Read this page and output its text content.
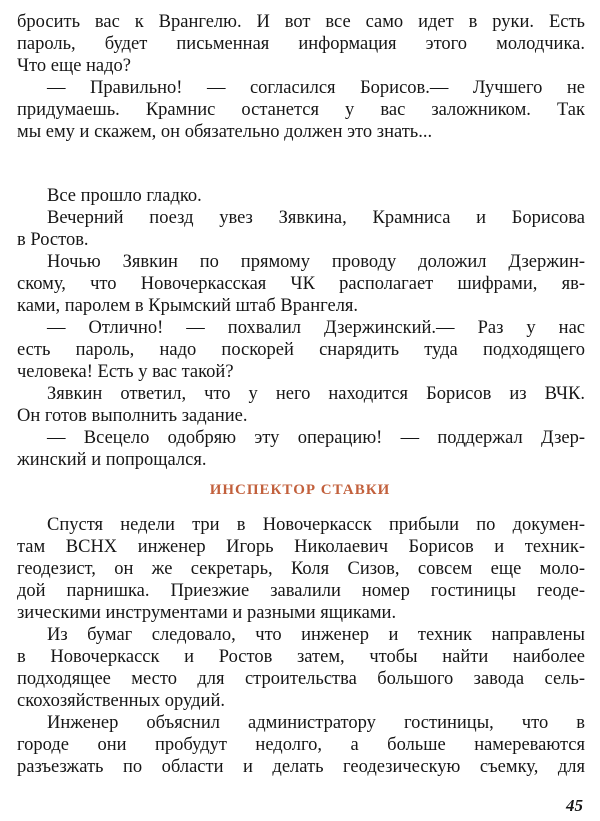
бросить вас к Врангелю. И вот все само идет в руки. Есть
пароль, будет письменная информация этого молодчика.
Что еще надо?
— Правильно! — согласился Борисов.— Лучшего не
придумаешь. Крамнис останется у вас заложником. Так
мы ему и скажем, он обязательно должен это знать...
Все прошло гладко.
Вечерний поезд увез Зявкина, Крамниса и Борисова
в Ростов.
Ночью Зявкин по прямому проводу доложил Дзержин-
скому, что Новочеркасская ЧК располагает шифрами, яв-
ками, паролем в Крымский штаб Врангеля.
— Отлично! — похвалил Дзержинский.— Раз у нас
есть пароль, надо поскорей снарядить туда подходящего
человека! Есть у вас такой?
Зявкин ответил, что у него находится Борисов из ВЧК.
Он готов выполнить задание.
— Всецело одобряю эту операцию! — поддержал Дзер-
жинский и попрощался.
ИНСПЕКТОР СТАВКИ
Спустя недели три в Новочеркасск прибыли по докумен-
там ВСНХ инженер Игорь Николаевич Борисов и техник-
геодезист, он же секретарь, Коля Сизов, совсем еще моло-
дой парнишка. Приезжие завалили номер гостиницы геоде-
зическими инструментами и разными ящиками.
Из бумаг следовало, что инженер и техник направлены
в Новочеркасск и Ростов затем, чтобы найти наиболее
подходящее место для строительства большого завода сель-
скохозяйственных орудий.
Инженер объяснил администратору гостиницы, что в
городе они пробудут недолго, а больше намереваются
разъезжать по области и делать геодезическую съемку, для
45
